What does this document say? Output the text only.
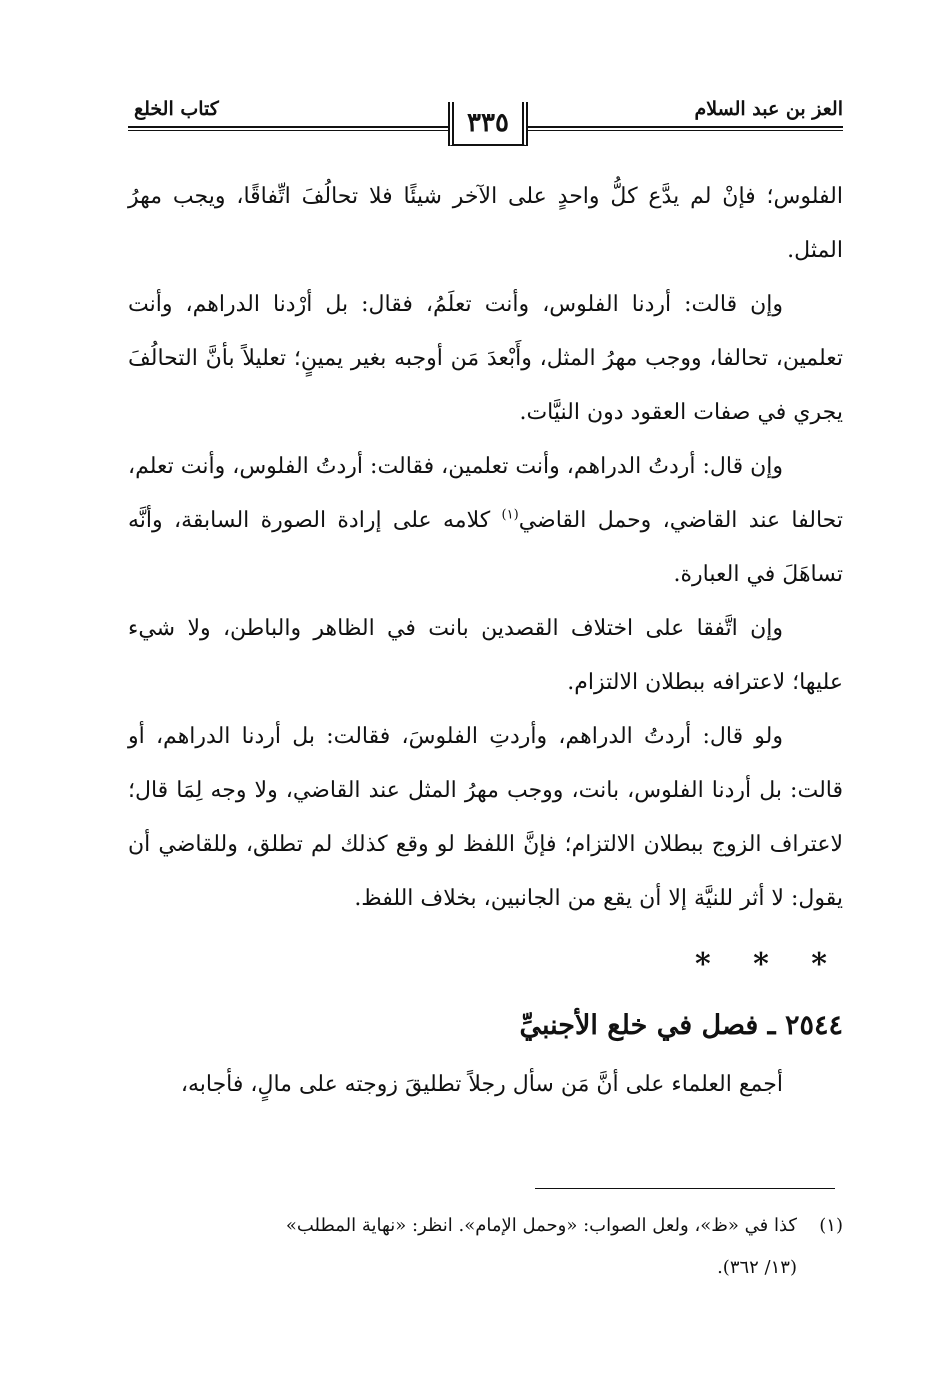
العز بن عبد السلام
كتاب الخلع	٣٣٥

الفلوس؛ فإنْ لم يدَّع كلُّ واحدٍ على الآخر شيئًا فلا تحالُفَ اتِّفاقًا، ويجب مهرُ المثل.

وإن قالت: أردنا الفلوس، وأنت تعلَمُ، فقال: بل أرْدنا الدراهم، وأنت تعلمين، تحالفا، ووجب مهرُ المثل، وأَبْعدَ مَن أوجبه بغير يمينٍ؛ تعليلاً بأنَّ التحالُفَ يجري في صفات العقود دون النيَّات.

وإن قال: أردتُ الدراهم، وأنت تعلمين، فقالت: أردتُ الفلوس، وأنت تعلم، تحالفا عند القاضي، وحمل القاضي$^{(١)}$ كلامه على إرادة الصورة السابقة، وأنَّه تساهَلَ في العبارة.

وإن اتَّفقا على اختلاف القصدين بانت في الظاهر والباطن، ولا شيء عليها؛ لاعترافه ببطلان الالتزام.

ولو قال: أردتُ الدراهم، وأردتِ الفلوسَ، فقالت: بل أردنا الدراهم، أو قالت: بل أردنا الفلوس، بانت، ووجب مهرُ المثل عند القاضي، ولا وجه لِمَا قال؛ لاعتراف الزوج ببطلان الالتزام؛ فإنَّ اللفظ لو وقع كذلك لم تطلق، وللقاضي أن يقول: لا أثر للنيَّة إلا أن يقع من الجانبين، بخلاف اللفظ.

* * *
٢٥٤٤ ـ فصل في خلع الأجنبيِّ

أجمع العلماء على أنَّ مَن سأل رجلاً تطليقَ زوجته على مالٍ، فأجابه،

(١)كذا في «ظ»، ولعل الصواب: «وحمل الإمام». انظر: «نهاية المطلب»
(١٣/ ٣٦٢).
